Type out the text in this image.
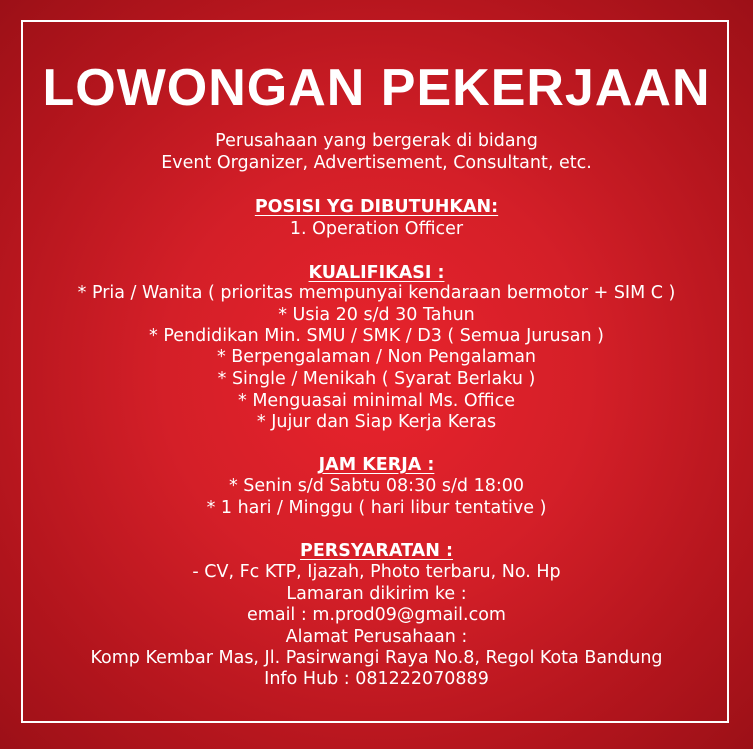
LOWONGAN PEKERJAAN
Perusahaan yang bergerak di bidang
Event Organizer, Advertisement, Consultant, etc.
POSISI YG DIBUTUHKAN:
1. Operation Officer
KUALIFIKASI :
* Pria / Wanita ( prioritas mempunyai kendaraan bermotor + SIM C )
* Usia 20 s/d 30 Tahun
* Pendidikan Min. SMU / SMK / D3 ( Semua Jurusan )
* Berpengalaman / Non Pengalaman
* Single / Menikah ( Syarat Berlaku )
* Menguasai minimal Ms. Office
* Jujur dan Siap Kerja Keras
JAM KERJA :
* Senin s/d Sabtu 08:30 s/d 18:00
* 1 hari / Minggu ( hari libur tentative )
PERSYARATAN :
- CV, Fc KTP, Ijazah, Photo terbaru, No. Hp
Lamaran dikirim ke :
email : m.prod09@gmail.com
Alamat Perusahaan :
Komp Kembar Mas, Jl. Pasirwangi Raya No.8, Regol Kota Bandung
Info Hub : 081222070889
